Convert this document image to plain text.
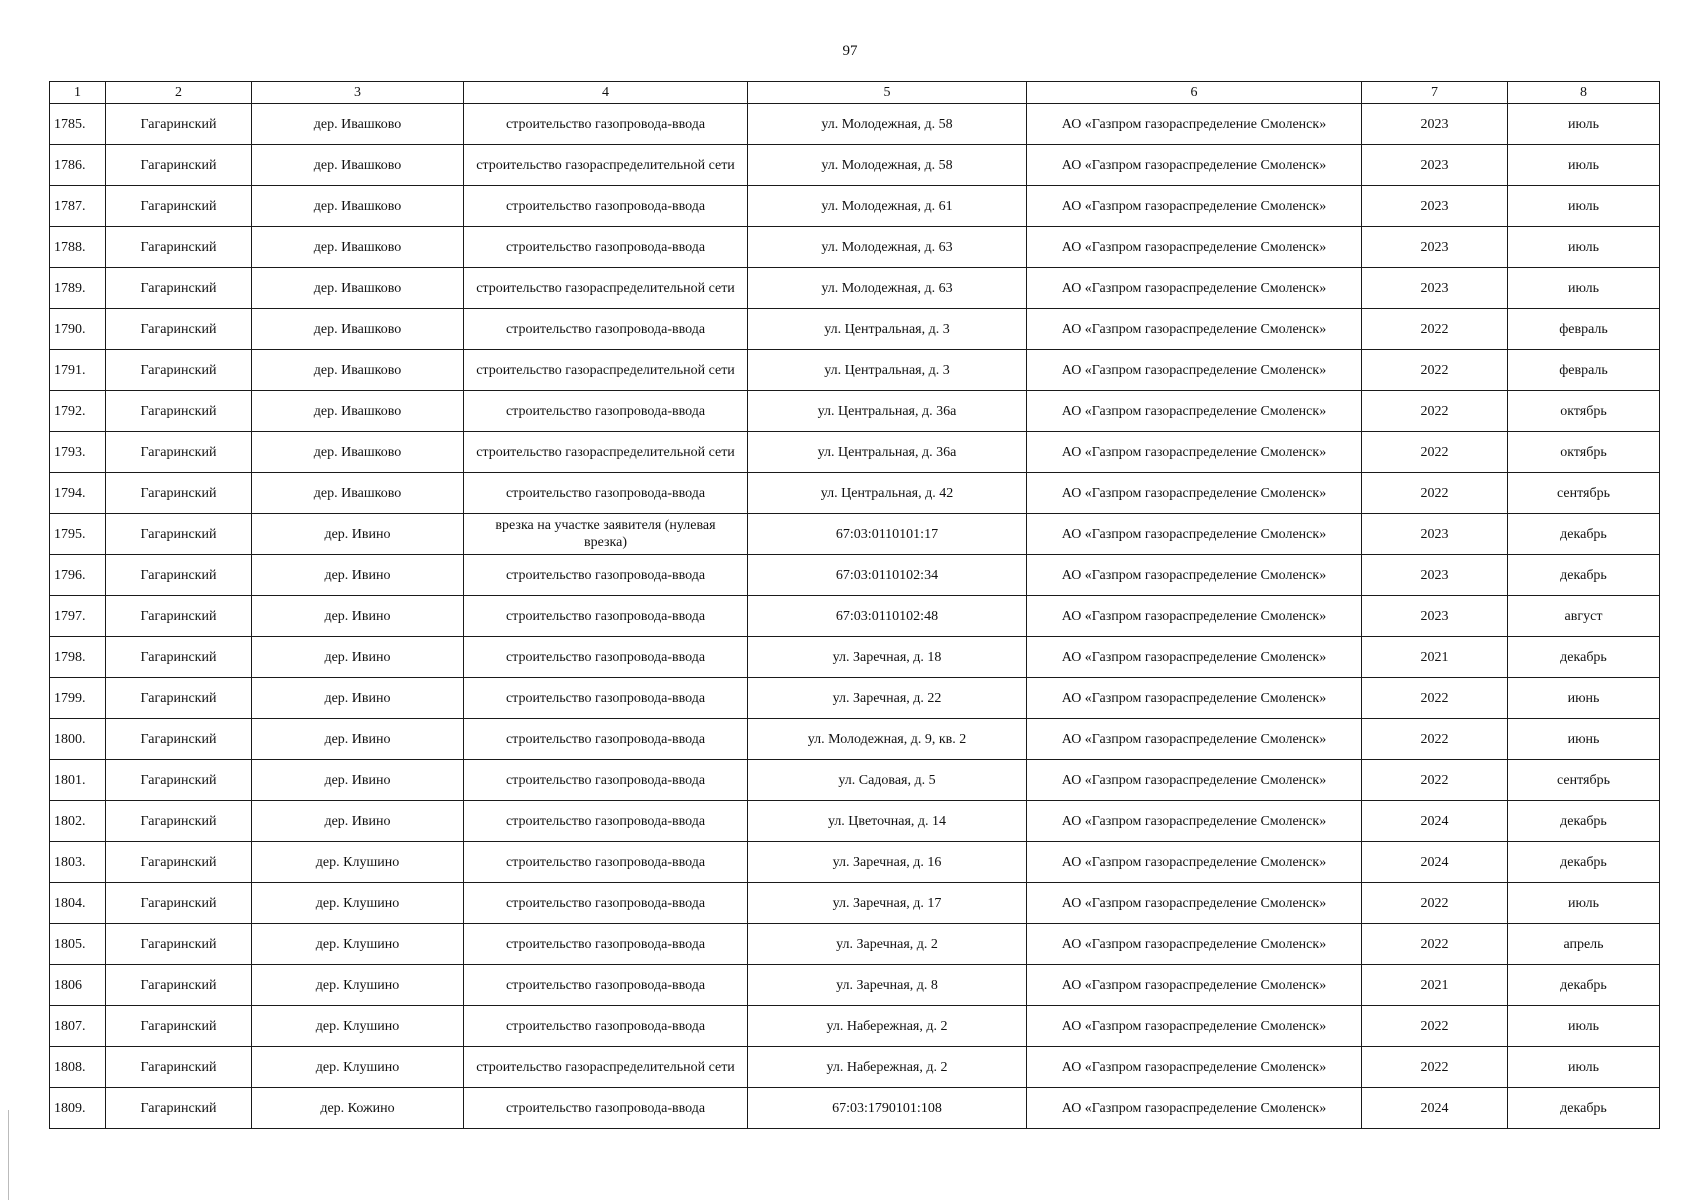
97
1	2	3	4	5	6	7	8
1785.	Гагаринский	дер. Ивашково	строительство газопровода-ввода	ул. Молодежная, д. 58	АО «Газпром газораспределение Смоленск»	2023	июль
1786.	Гагаринский	дер. Ивашково	строительство газораспределительной сети	ул. Молодежная, д. 58	АО «Газпром газораспределение Смоленск»	2023	июль
1787.	Гагаринский	дер. Ивашково	строительство газопровода-ввода	ул. Молодежная, д. 61	АО «Газпром газораспределение Смоленск»	2023	июль
1788.	Гагаринский	дер. Ивашково	строительство газопровода-ввода	ул. Молодежная, д. 63	АО «Газпром газораспределение Смоленск»	2023	июль
1789.	Гагаринский	дер. Ивашково	строительство газораспределительной сети	ул. Молодежная, д. 63	АО «Газпром газораспределение Смоленск»	2023	июль
1790.	Гагаринский	дер. Ивашково	строительство газопровода-ввода	ул. Центральная, д. 3	АО «Газпром газораспределение Смоленск»	2022	февраль
1791.	Гагаринский	дер. Ивашково	строительство газораспределительной сети	ул. Центральная, д. 3	АО «Газпром газораспределение Смоленск»	2022	февраль
1792.	Гагаринский	дер. Ивашково	строительство газопровода-ввода	ул. Центральная, д. 36а	АО «Газпром газораспределение Смоленск»	2022	октябрь
1793.	Гагаринский	дер. Ивашково	строительство газораспределительной сети	ул. Центральная, д. 36а	АО «Газпром газораспределение Смоленск»	2022	октябрь
1794.	Гагаринский	дер. Ивашково	строительство газопровода-ввода	ул. Центральная, д. 42	АО «Газпром газораспределение Смоленск»	2022	сентябрь
1795.	Гагаринский	дер. Ивино	врезка на участке заявителя (нулевая врезка)	67:03:0110101:17	АО «Газпром газораспределение Смоленск»	2023	декабрь
1796.	Гагаринский	дер. Ивино	строительство газопровода-ввода	67:03:0110102:34	АО «Газпром газораспределение Смоленск»	2023	декабрь
1797.	Гагаринский	дер. Ивино	строительство газопровода-ввода	67:03:0110102:48	АО «Газпром газораспределение Смоленск»	2023	август
1798.	Гагаринский	дер. Ивино	строительство газопровода-ввода	ул. Заречная, д. 18	АО «Газпром газораспределение Смоленск»	2021	декабрь
1799.	Гагаринский	дер. Ивино	строительство газопровода-ввода	ул. Заречная, д. 22	АО «Газпром газораспределение Смоленск»	2022	июнь
1800.	Гагаринский	дер. Ивино	строительство газопровода-ввода	ул. Молодежная, д. 9, кв. 2	АО «Газпром газораспределение Смоленск»	2022	июнь
1801.	Гагаринский	дер. Ивино	строительство газопровода-ввода	ул. Садовая, д. 5	АО «Газпром газораспределение Смоленск»	2022	сентябрь
1802.	Гагаринский	дер. Ивино	строительство газопровода-ввода	ул. Цветочная, д. 14	АО «Газпром газораспределение Смоленск»	2024	декабрь
1803.	Гагаринский	дер. Клушино	строительство газопровода-ввода	ул. Заречная, д. 16	АО «Газпром газораспределение Смоленск»	2024	декабрь
1804.	Гагаринский	дер. Клушино	строительство газопровода-ввода	ул. Заречная, д. 17	АО «Газпром газораспределение Смоленск»	2022	июль
1805.	Гагаринский	дер. Клушино	строительство газопровода-ввода	ул. Заречная, д. 2	АО «Газпром газораспределение Смоленск»	2022	апрель
1806	Гагаринский	дер. Клушино	строительство газопровода-ввода	ул. Заречная, д. 8	АО «Газпром газораспределение Смоленск»	2021	декабрь
1807.	Гагаринский	дер. Клушино	строительство газопровода-ввода	ул. Набережная, д. 2	АО «Газпром газораспределение Смоленск»	2022	июль
1808.	Гагаринский	дер. Клушино	строительство газораспределительной сети	ул. Набережная, д. 2	АО «Газпром газораспределение Смоленск»	2022	июль
1809.	Гагаринский	дер. Кожино	строительство газопровода-ввода	67:03:1790101:108	АО «Газпром газораспределение Смоленск»	2024	декабрь
